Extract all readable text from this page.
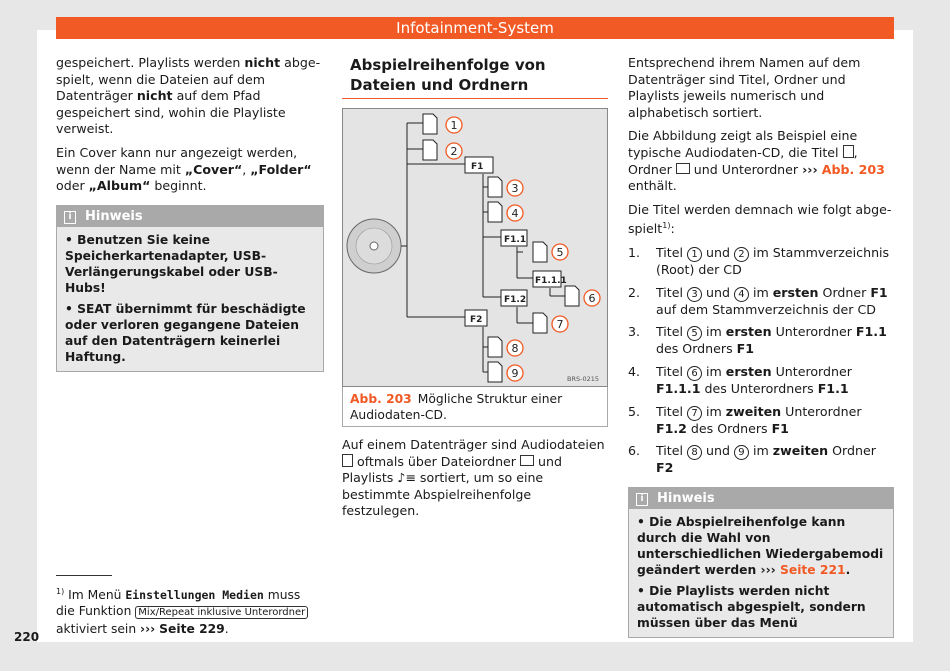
Infotainment-System

gespeichert. Playlists werden nicht abgespielt, wenn die Dateien auf dem Datenträger nicht auf dem Pfad gespeichert sind, wohin die Playliste verweist.

Ein Cover kann nur angezeigt werden, wenn der Name mit „Cover“, „Folder“ oder „Album“ beginnt.

i Hinweis
• Benutzen Sie keine Speicherkartenadapter, USB-Verlängerungskabel oder USB-Hubs!
• SEAT übernimmt für beschädigte oder verloren gegangene Dateien auf den Datenträgern keinerlei Haftung.
Abspielreihenfolge von Dateien und Ordnern
F1
F1.1
F1.1.1
F1.2
F2
1
2
3
4
5
6
7
8
9	BRS-0215
Abb. 203 Mögliche Struktur einer Audiodaten-CD.

Auf einem Datenträger sind Audiodateien  oftmals über Dateiordner  und Playlists ♪≡ sortiert, um so eine bestimmte Abspielreihenfolge festzulegen.

Entsprechend ihrem Namen auf dem Datenträger sind Titel, Ordner und Playlists jeweils numerisch und alphabetisch sortiert.

Die Abbildung zeigt als Beispiel eine typische Audiodaten-CD, die Titel , Ordner  und Unterordner ››› Abb. 203 enthält.

Die Titel werden demnach wie folgt abgespielt$^{1)}$:

1.	Titel 1 und 2 im Stammverzeichnis (Root) der CD
2.	Titel 3 und 4 im ersten Ordner F1 auf dem Stammverzeichnis der CD
3.	Titel 5 im ersten Unterordner F1.1 des Ordners F1
4.	Titel 6 im ersten Unterordner F1.1.1 des Unterordners F1.1
5.	Titel 7 im zweiten Unterordner F1.2 des Ordners F1
6.	Titel 8 und 9 im zweiten Ordner F2
i Hinweis
• Die Abspielreihenfolge kann durch die Wahl von unterschiedlichen Wiedergabemodi geändert werden ››› Seite 221.
• Die Playlists werden nicht automatisch abgespielt, sondern müssen über das Menü
$^{1)}$ Im Menü Einstellungen Medien muss die Funktion Mix/Repeat inklusive Unterordner aktiviert sein ››› Seite 229.
220
